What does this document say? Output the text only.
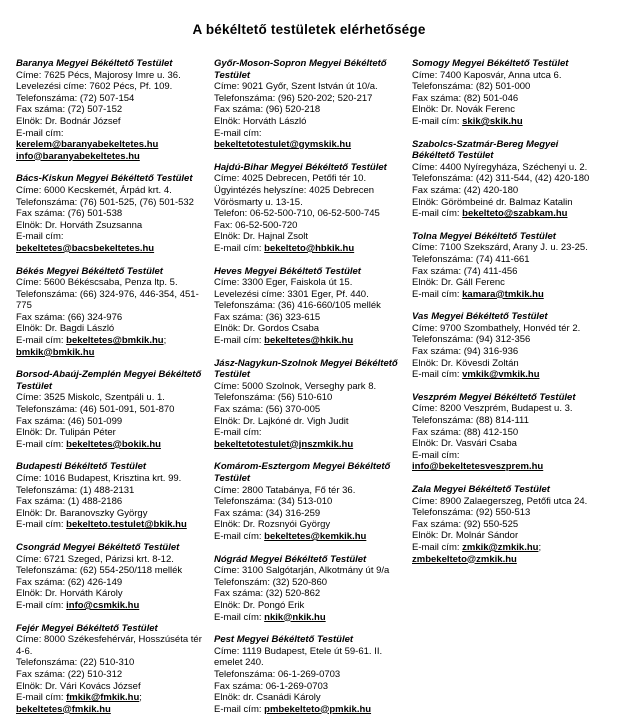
A békéltető testületek elérhetősége
Baranya Megyei Békéltető Testület
Címe: 7625 Pécs, Majorosy Imre u. 36.
Levelezési címe: 7602 Pécs, Pf. 109.
Telefonszáma: (72) 507-154
Fax száma: (72) 507-152
Elnök: Dr. Bodnár József
E-mail cím:
kerelem@baranyabekeltetes.hu
info@baranyabekeltetes.hu
Bács-Kiskun Megyei Békéltető Testület
Címe: 6000 Kecskemét, Árpád krt. 4.
Telefonszáma: (76) 501-525, (76) 501-532
Fax száma: (76) 501-538
Elnök: Dr. Horváth Zsuzsanna
E-mail cím:
bekeltetes@bacsbekeltetes.hu
Békés Megyei Békéltető Testület
Címe: 5600 Békéscsaba, Penza ltp. 5.
Telefonszáma: (66) 324-976, 446-354, 451-775
Fax száma: (66) 324-976
Elnök: Dr. Bagdi László
E-mail cím: bekeltetes@bmkik.hu; bmkik@bmkik.hu
Borsod-Abaúj-Zemplén Megyei Békéltető Testület
Címe: 3525 Miskolc, Szentpáli u. 1.
Telefonszáma: (46) 501-091, 501-870
Fax száma: (46) 501-099
Elnök: Dr. Tulipán Péter
E-mail cím: bekeltetes@bokik.hu
Budapesti Békéltető Testület
Címe: 1016 Budapest, Krisztina krt. 99.
Telefonszáma: (1) 488-2131
Fax száma: (1) 488-2186
Elnök: Dr. Baranovszky György
E-mail cím: bekelteto.testulet@bkik.hu
Csongrád Megyei Békéltető Testület
Címe: 6721 Szeged, Párizsi krt. 8-12.
Telefonszáma: (62) 554-250/118 mellék
Fax száma: (62) 426-149
Elnök: Dr. Horváth Károly
E-mail cím: info@csmkik.hu
Fejér Megyei Békéltető Testület
Címe: 8000 Székesfehérvár, Hosszúséta tér 4-6.
Telefonszáma: (22) 510-310
Fax száma: (22) 510-312
Elnök: Dr. Vári Kovács József
E-mail cím: fmkik@fmkik.hu; bekeltetes@fmkik.hu
Győr-Moson-Sopron Megyei Békéltető Testület
Címe: 9021 Győr, Szent István út 10/a.
Telefonszáma: (96) 520-202; 520-217
Fax száma: (96) 520-218
Elnök: Horváth László
E-mail cím:
bekeltetotestulet@gymskik.hu
Hajdú-Bihar Megyei Békéltető Testület
Címe: 4025 Debrecen, Petőfi tér 10.
Ügyintézés helyszíne: 4025 Debrecen Vörösmarty u. 13-15.
Telefon: 06-52-500-710, 06-52-500-745
Fax: 06-52-500-720
Elnök: Dr. Hajnal Zsolt
E-mail cím: bekelteto@hbkik.hu
Heves Megyei Békéltető Testület
Címe: 3300 Eger, Faiskola út 15.
Levelezési címe: 3301 Eger, Pf. 440.
Telefonszáma: (36) 416-660/105 mellék
Fax száma: (36) 323-615
Elnök: Dr. Gordos Csaba
E-mail cím: bekeltetes@hkik.hu
Jász-Nagykun-Szolnok Megyei Békéltető Testület
Címe: 5000 Szolnok, Verseghy park 8.
Telefonszáma: (56) 510-610
Fax száma: (56) 370-005
Elnök: Dr. Lajkóné dr. Vigh Judit
E-mail cím:
bekeltetotestulet@jnszmkik.hu
Komárom-Esztergom Megyei Békéltető Testület
Címe: 2800 Tatabánya, Fő tér 36.
Telefonszáma: (34) 513-010
Fax száma: (34) 316-259
Elnök: Dr. Rozsnyói György
E-mail cím: bekeltetes@kemkik.hu
Nógrád Megyei Békéltető Testület
Címe: 3100 Salgótarján, Alkotmány út 9/a
Telefonszám: (32) 520-860
Fax száma: (32) 520-862
Elnök: Dr. Pongó Erik
E-mail cím: nkik@nkik.hu
Pest Megyei Békéltető Testület
Címe: 1119 Budapest, Etele út 59-61. II. emelet 240.
Telefonszáma: 06-1-269-0703
Fax száma: 06-1-269-0703
Elnök: dr. Csanádi Károly
E-mail cím: pmbekelteto@pmkik.hu
Somogy Megyei Békéltető Testület
Címe: 7400 Kaposvár, Anna utca 6.
Telefonszáma: (82) 501-000
Fax száma: (82) 501-046
Elnök: Dr. Novák Ferenc
E-mail cím: skik@skik.hu
Szabolcs-Szatmár-Bereg Megyei Békéltető Testület
Címe: 4400 Nyíregyháza, Széchenyi u. 2.
Telefonszáma: (42) 311-544, (42) 420-180
Fax száma: (42) 420-180
Elnök: Görömbeiné dr. Balmaz Katalin
E-mail cím: bekelteto@szabkam.hu
Tolna Megyei Békéltető Testület
Címe: 7100 Szekszárd, Arany J. u. 23-25.
Telefonszáma: (74) 411-661
Fax száma: (74) 411-456
Elnök: Dr. Gáll Ferenc
E-mail cím: kamara@tmkik.hu
Vas Megyei Békéltető Testület
Címe: 9700 Szombathely, Honvéd tér 2.
Telefonszáma: (94) 312-356
Fax száma: (94) 316-936
Elnök: Dr. Kövesdi Zoltán
E-mail cím: vmkik@vmkik.hu
Veszprém Megyei Békéltető Testület
Címe: 8200 Veszprém, Budapest u. 3.
Telefonszáma: (88) 814-111
Fax száma: (88) 412-150
Elnök: Dr. Vasvári Csaba
E-mail cím:
info@bekeltetesveszprem.hu
Zala Megyei Békéltető Testület
Címe: 8900 Zalaegerszeg, Petőfi utca 24.
Telefonszáma: (92) 550-513
Fax száma: (92) 550-525
Elnök: Dr. Molnár Sándor
E-mail cím: zmkik@zmkik.hu; zmbekelteto@zmkik.hu
